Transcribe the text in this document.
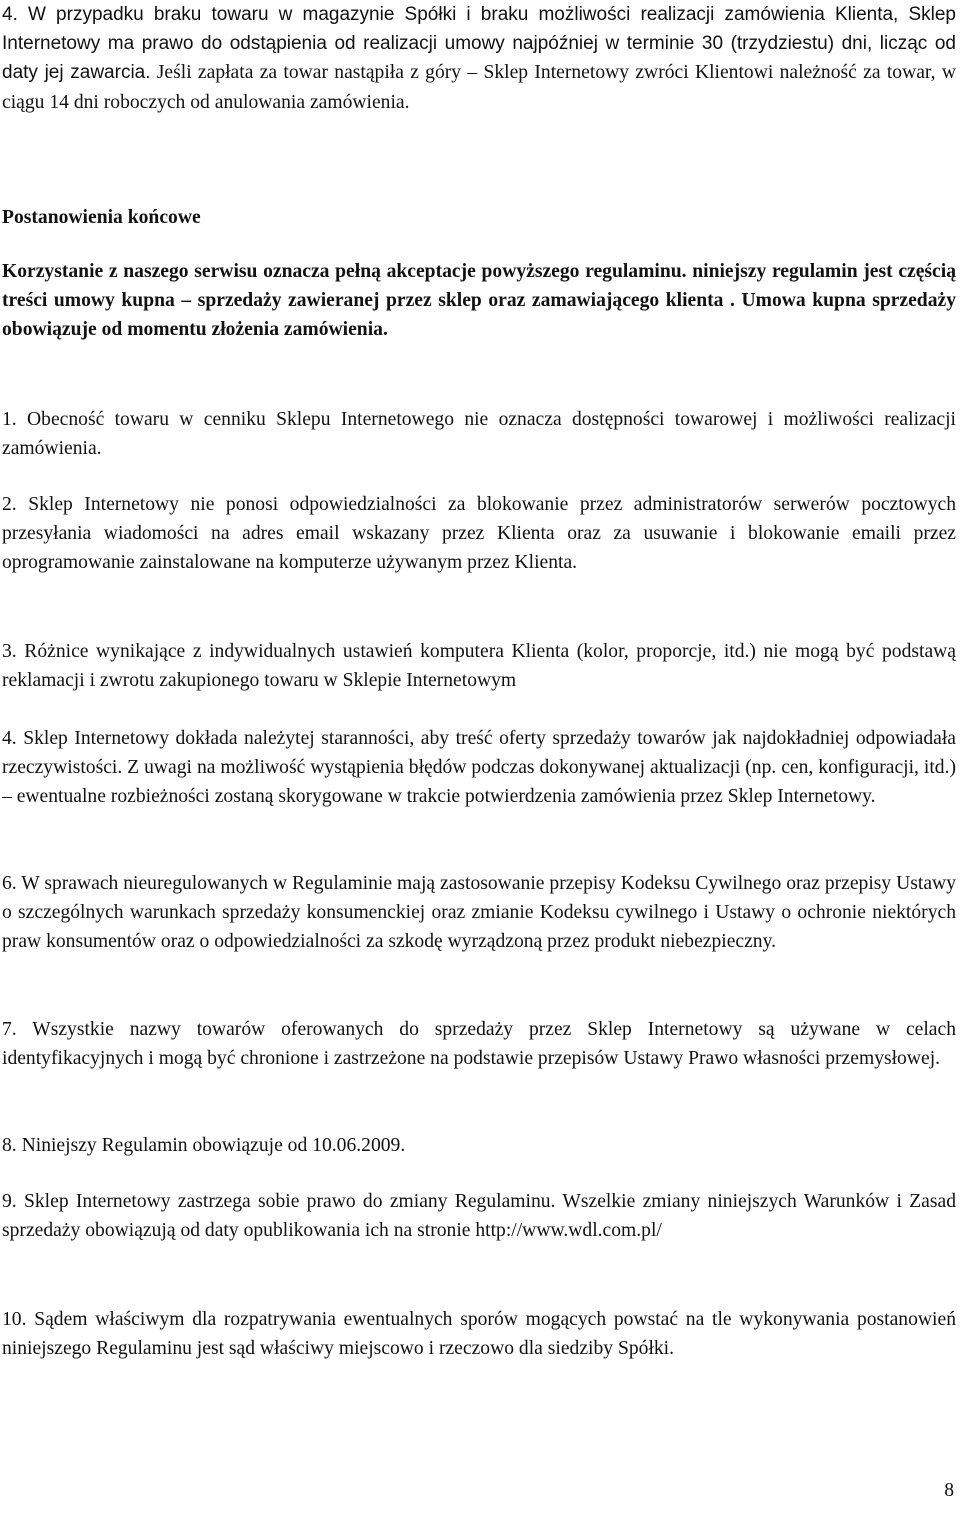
4. W przypadku braku towaru w magazynie Spółki i braku możliwości realizacji zamówienia Klienta, Sklep Internetowy ma prawo do odstąpienia od realizacji umowy najpóźniej w terminie 30 (trzydziestu) dni, licząc od daty jej zawarcia. Jeśli zapłata za towar nastąpiła z góry – Sklep Internetowy zwróci Klientowi należność za towar, w ciągu 14 dni roboczych od anulowania zamówienia.

Postanowienia końcowe

Korzystanie z naszego serwisu oznacza pełną akceptacje powyższego regulaminu. niniejszy regulamin jest częścią treści umowy kupna – sprzedaży zawieranej przez sklep oraz zamawiającego klienta . Umowa kupna sprzedaży obowiązuje od momentu złożenia zamówienia.

1. Obecność towaru w cenniku Sklepu Internetowego nie oznacza dostępności towarowej i możliwości realizacji zamówienia.

2. Sklep Internetowy nie ponosi odpowiedzialności za blokowanie przez administratorów serwerów pocztowych przesyłania wiadomości na adres email wskazany przez Klienta oraz za usuwanie i blokowanie emaili przez oprogramowanie zainstalowane na komputerze używanym przez Klienta.

3. Różnice wynikające z indywidualnych ustawień komputera Klienta (kolor, proporcje, itd.) nie mogą być podstawą reklamacji i zwrotu zakupionego towaru w Sklepie Internetowym

4. Sklep Internetowy dokłada należytej staranności, aby treść oferty sprzedaży towarów jak najdokładniej odpowiadała rzeczywistości. Z uwagi na możliwość wystąpienia błędów podczas dokonywanej aktualizacji (np. cen, konfiguracji, itd.) – ewentualne rozbieżności zostaną skorygowane w trakcie potwierdzenia zamówienia przez Sklep Internetowy.

6. W sprawach nieuregulowanych w Regulaminie mają zastosowanie przepisy Kodeksu Cywilnego oraz przepisy Ustawy o szczególnych warunkach sprzedaży konsumenckiej oraz zmianie Kodeksu cywilnego i Ustawy o ochronie niektórych praw konsumentów oraz o odpowiedzialności za szkodę wyrządzoną przez produkt niebezpieczny.

7. Wszystkie nazwy towarów oferowanych do sprzedaży przez Sklep Internetowy są używane w celach identyfikacyjnych i mogą być chronione i zastrzeżone na podstawie przepisów Ustawy Prawo własności przemysłowej.

8. Niniejszy Regulamin obowiązuje od 10.06.2009.

9. Sklep Internetowy zastrzega sobie prawo do zmiany Regulaminu. Wszelkie zmiany niniejszych Warunków i Zasad sprzedaży obowiązują od daty opublikowania ich na stronie http://www.wdl.com.pl/

10. Sądem właściwym dla rozpatrywania ewentualnych sporów mogących powstać na tle wykonywania postanowień niniejszego Regulaminu jest sąd właściwy miejscowo i rzeczowo dla siedziby Spółki.

8
